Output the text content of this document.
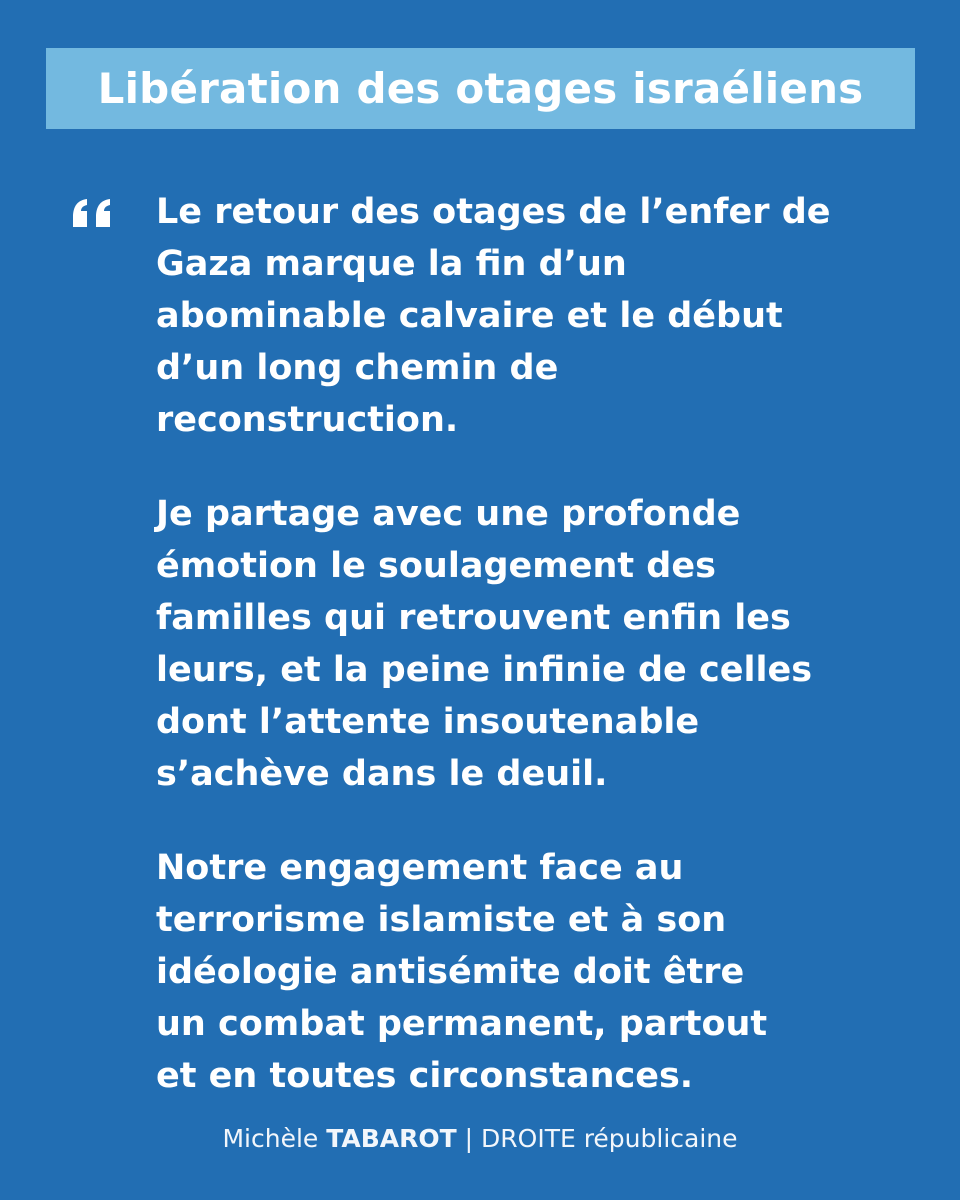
Libération des otages israéliens

Le retour des otages de l’enfer de
Gaza marque la fin d’un
abominable calvaire et le début
d’un long chemin de
reconstruction.

Je partage avec une profonde
émotion le soulagement des
familles qui retrouvent enfin les
leurs, et la peine infinie de celles
dont l’attente insoutenable
s’achève dans le deuil.

Notre engagement face au
terrorisme islamiste et à son
idéologie antisémite doit être
un combat permanent, partout
et en toutes circonstances.

Michèle TABAROT | DROITE républicaine
